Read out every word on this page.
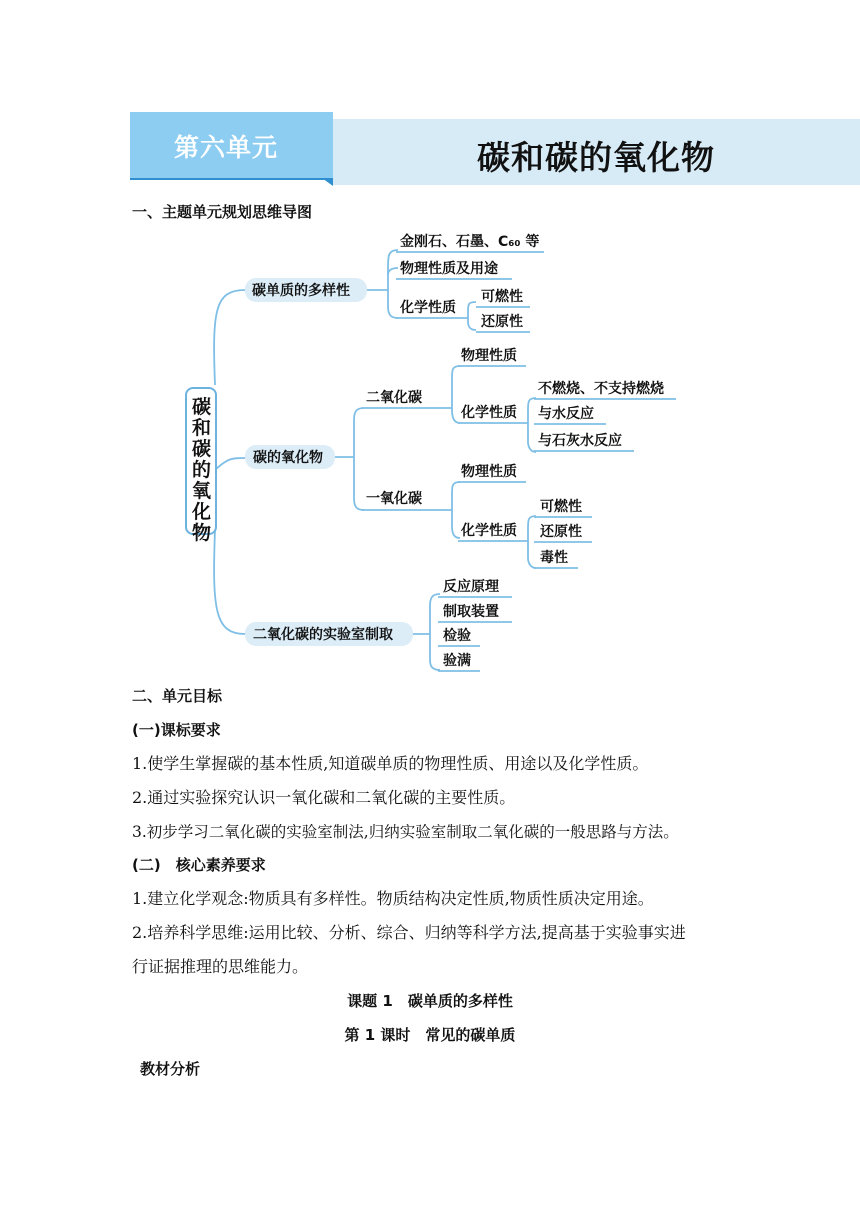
碳和碳的氧化物
第六单元
一、主题单元规划思维导图
碳 和 碳 的 氧 化 物
碳单质的多样性
金刚石、石墨、C₆₀ 等
物理性质及用途
化学性质
可燃性
还原性
碳的氧化物
二氧化碳
物理性质
化学性质
不燃烧、不支持燃烧
与水反应
与石灰水反应
一氧化碳
物理性质
化学性质
可燃性
还原性
毒性
二氧化碳的实验室制取
反应原理
制取装置
检验
验满
二、单元目标
(一)课标要求
1.使学生掌握碳的基本性质,知道碳单质的物理性质、用途以及化学性质。
2.通过实验探究认识一氧化碳和二氧化碳的主要性质。
3.初步学习二氧化碳的实验室制法,归纳实验室制取二氧化碳的一般思路与方法。
(二)　核心素养要求
1.建立化学观念:物质具有多样性。物质结构决定性质,物质性质决定用途。
2.培养科学思维:运用比较、分析、综合、归纳等科学方法,提高基于实验事实进
行证据推理的思维能力。
课题 1　碳单质的多样性
第 1 课时　常见的碳单质
教材分析
